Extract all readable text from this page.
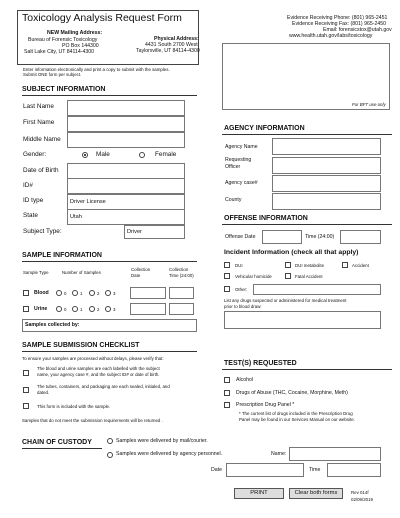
Toxicology Analysis Request Form
NEW Mailing Address:
Bureau of Forensic Toxicology
PO Box 144300
Salt Lake City, UT 84114-4300
Physical Address:
4431 South 2700 West
Taylorsville, UT 84114-4300
Evidence Receiving Phone: (801) 965-2451
Evidence Receiving Fax: (801) 965-2450
Email: forensicstox@utah.gov
www.health.utah.gov/labs/toxicology
For BFT use only
Enter information electronically and print a copy to submit with the samples.
Submit ONE form per subject.
SUBJECT INFORMATION
Last Name
First Name
Middle Name
Gender:	Male	Female
Date of Birth
ID#
ID type	Driver License
State	Utah
Subject Type:	Driver
AGENCY INFORMATION
Agency Name
Requesting
Officer
Agency case#
County
OFFENSE INFORMATION
Offense Date	Time (24:00)
Incident Information (check all that apply)
DUI	DUI metabolite	Accident
Vehicular homicide	Fatal Accident
Other:
List any drugs suspected or administered for medical treatment
prior to blood draw:
SAMPLE INFORMATION
Sample Type	Number of Samples
Collection
Date
Collection
Time (24:00)
Blood	0	1	2	3
Urine	0	1	2	3
Samples collected by:
SAMPLE SUBMISSION CHECKLIST
To ensure your samples are processed without delays, please verify that:
The blood and urine samples are each labelled with the subject
name, your agency case #, and the subject ID# or date of birth.
The tubes, containers, and packaging are each sealed, initialed, and
dated.
This form is included with the sample.
Samples that do not meet the submission requirements will be returned .
TEST(S) REQUESTED
Alcohol
Drugs of Abuse (THC, Cocaine, Morphine, Meth)
Prescription Drug Panel *
* The current list of drugs included in the Prescription Drug
Panel may be found in our Services Manual on our website.
CHAIN OF CUSTODY	Samples were delivered by mail/courier.
Samples were delivered by agency personnel.	Name:
Date	Time
PRINT	Clear both forms	Rev 014f
02/09/2019
